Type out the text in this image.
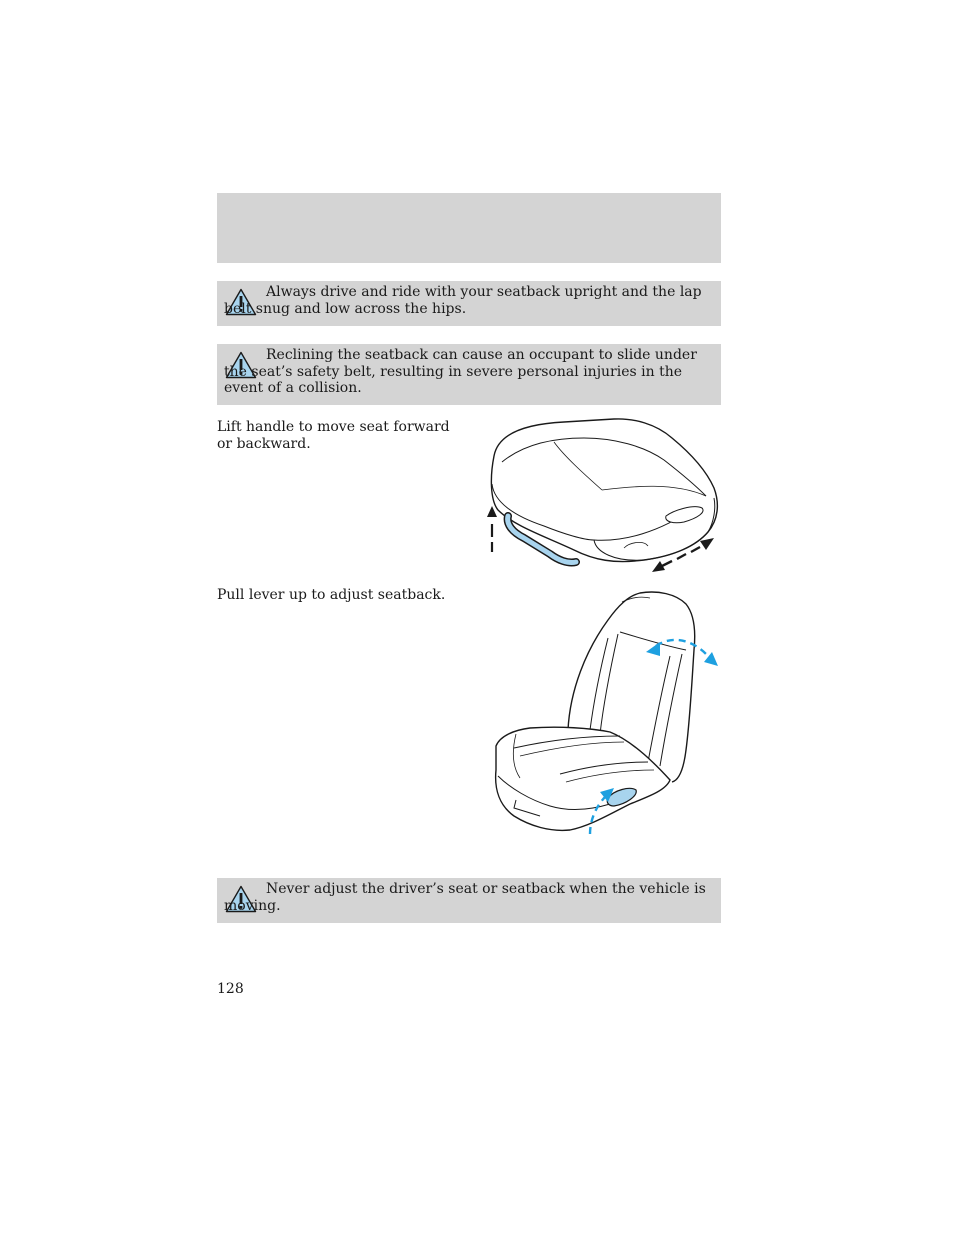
Always drive and ride with your seatback upright and the lap belt snug and low across the hips.

Reclining the seatback can cause an occupant to slide under the seat’s safety belt, resulting in severe personal injuries in the event of a collision.

Lift handle to move seat forward or backward.

Pull lever up to adjust seatback.

Never adjust the driver’s seat or seatback when the vehicle is moving.

128
